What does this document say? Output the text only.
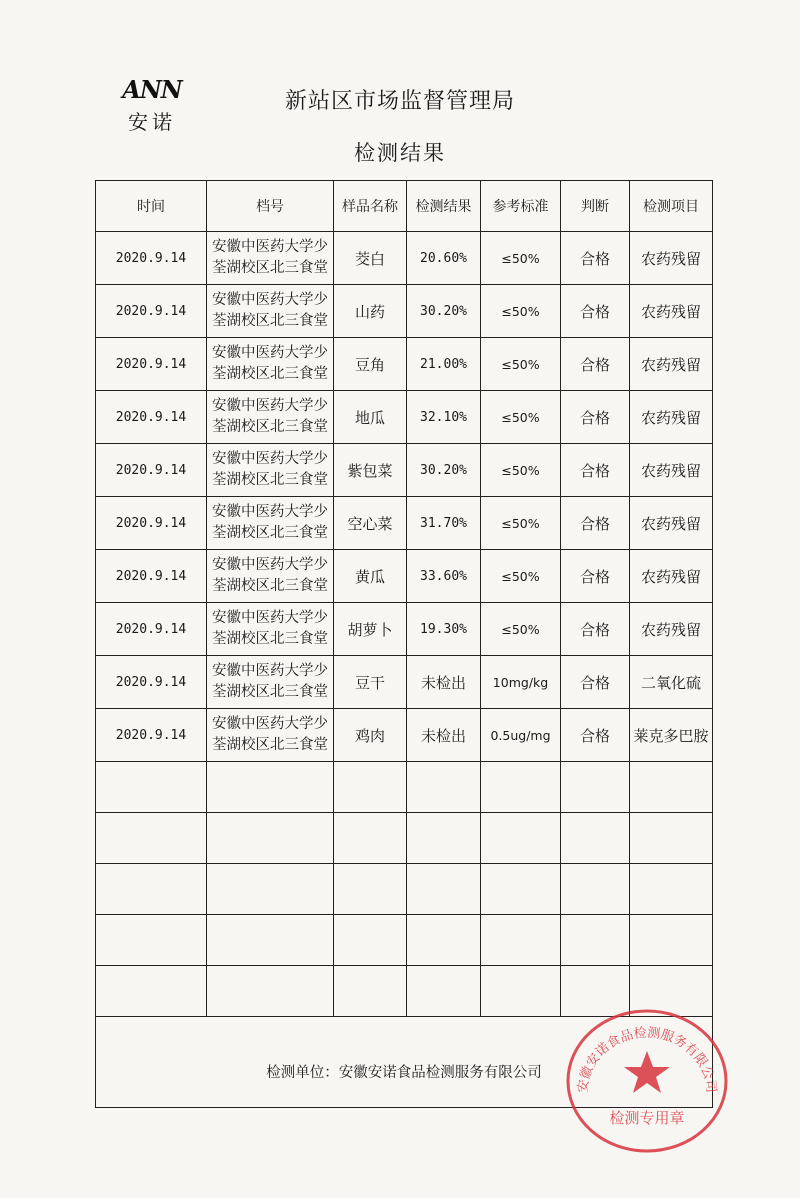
ANN
安诺
新站区市场监督管理局
检测结果
时间	档号	样品名称	检测结果	参考标准	判断	检测项目
2020.9.14	安徽中医药大学少
荃湖校区北三食堂	茭白	20.60%	≤50%	合格	农药残留
2020.9.14	安徽中医药大学少
荃湖校区北三食堂	山药	30.20%	≤50%	合格	农药残留
2020.9.14	安徽中医药大学少
荃湖校区北三食堂	豆角	21.00%	≤50%	合格	农药残留
2020.9.14	安徽中医药大学少
荃湖校区北三食堂	地瓜	32.10%	≤50%	合格	农药残留
2020.9.14	安徽中医药大学少
荃湖校区北三食堂	紫包菜	30.20%	≤50%	合格	农药残留
2020.9.14	安徽中医药大学少
荃湖校区北三食堂	空心菜	31.70%	≤50%	合格	农药残留
2020.9.14	安徽中医药大学少
荃湖校区北三食堂	黄瓜	33.60%	≤50%	合格	农药残留
2020.9.14	安徽中医药大学少
荃湖校区北三食堂	胡萝卜	19.30%	≤50%	合格	农药残留
2020.9.14	安徽中医药大学少
荃湖校区北三食堂	豆干	未检出	10mg/kg	合格	二氧化硫
2020.9.14	安徽中医药大学少
荃湖校区北三食堂	鸡肉	未检出	0.5ug/mg	合格	莱克多巴胺

检测单位：安徽安诺食品检测服务有限公司						
安徽安诺食品检测服务有限公司
检测专用章
